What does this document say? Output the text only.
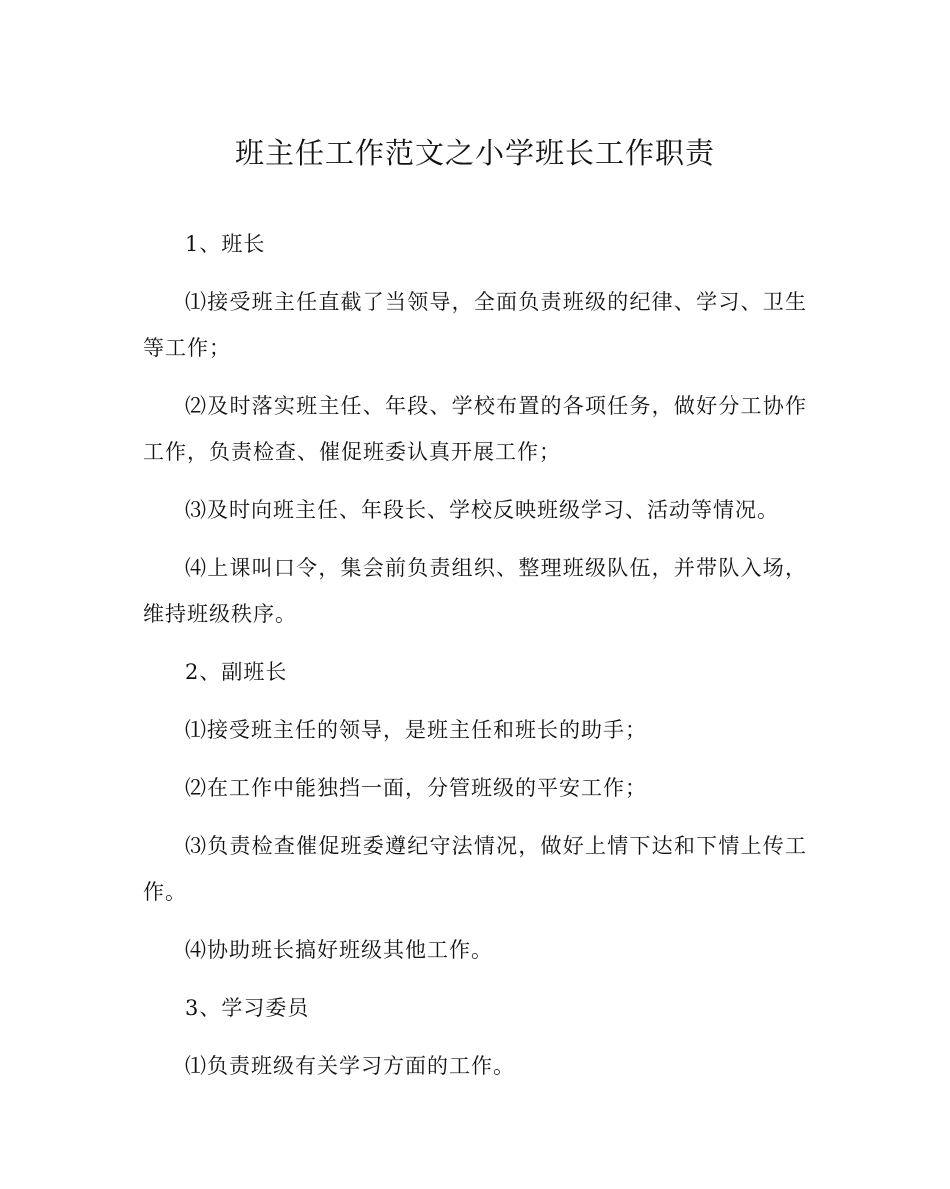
班主任工作范文之小学班长工作职责

1、班长

⑴接受班主任直截了当领导，全面负责班级的纪律、学习、卫生等工作；

⑵及时落实班主任、年段、学校布置的各项任务，做好分工协作工作，负责检查、催促班委认真开展工作；

⑶及时向班主任、年段长、学校反映班级学习、活动等情况。

⑷上课叫口令，集会前负责组织、整理班级队伍，并带队入场，维持班级秩序。

2、副班长

⑴接受班主任的领导，是班主任和班长的助手；

⑵在工作中能独挡一面，分管班级的平安工作；

⑶负责检查催促班委遵纪守法情况，做好上情下达和下情上传工作。

⑷协助班长搞好班级其他工作。

3、学习委员

⑴负责班级有关学习方面的工作。
